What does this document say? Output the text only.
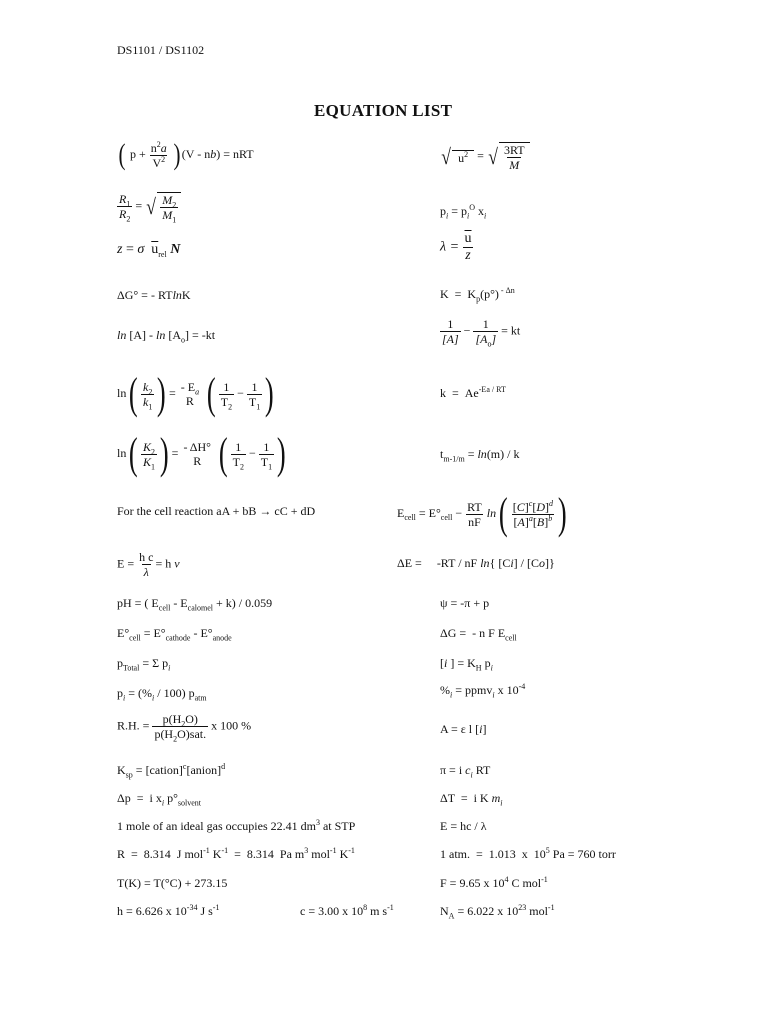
DS1101 / DS1102
EQUATION LIST
( $p + \frac{n^2a}{V^2}$ ) (V - nb) = nRT
$\frac{R_1}{R_2}$ = √ $\frac{M_2}{M_1}$
z = σ $\overline{u}_{rel}$ N
ΔG° = - RTlnK
$\ln [A] - \ln [A_o] = -kt$
$\ln( \frac{k_2}{k_1}$ ) = - $E_a$
R ( $\frac{1}{T_2} - \frac{1}{T_1}$ )
$\ln( \frac{K_2}{K_1}$ ) = - ΔH°
R ( $\frac{1}{T_2} - \frac{1}{T_1}$ )
For the cell reaction aA + bB → cC + dD
$E = \frac{\text{h c}}{\lambda} = h$ ν
pH = ( $E_{cell} - E_{calomel} + k) / 0.059$
$E^\circ_{cell} = E^\circ_{cathode} - E^\circ_{anode}$
$p_{Total} = \Sigma$ $p_i$
$p_i = (\%_i / 100)$ $p_{atm}$
R.H. = $\frac{p(H_2O)}{p(H_2O)sat.}$ x 100 %
$K_{sp}$ = [cation]$^c$[anion]$^d$
Δp  =  i $x_i$ $p^\circ_{solvent}$
1 mole of an ideal gas occupies 22.41 $dm^3$ at STP
R  =  8.314  J mol$^{-1}$ $K^{-1} = 8.314$  Pa $m^3$ mol$^{-1}$ $K^{-1}$
T(K) = T(°C) + 273.15
h = 6.626 x $10^{-34}$ J $s^{-1}$	c = 3.00 x $10^8$ m $s^{-1}$
√ $u^2$ = √ $\frac{3RT}{M}$
$p_i = p_i^O$ $x_i$
$\lambda = \frac{\overline{u}}{z}$
$K = K_p(p^\circ)$ $^{- \Delta n}$
$\frac{1}{[A]} - \frac{1}{[A_o]}$ = kt
$k = Ae^{-Ea / RT}$
$t_{m-1/m} = \ln(m) / k$
$E_{cell} = E^\circ_{cell} - \frac{RT}{nF} \ln( \frac{[C]^c[D]^d}{[A]^a[B]^b}$ )
ΔE =     -RT / nF ln{ [Ci] / [Co]}
ψ = -π + p
ΔG =  - n F $E_{cell}$
[i ] = $K_H$ $p_i$
$\%_i$ = ppmv$_i$ x $10^{-4}$
A = ε l [i]
π = i $c_i$ RT
ΔT  =  i K $m_i$
E = hc / λ
1 atm.  =  1.013  x  $10^5$ Pa = 760 torr
F = 9.65 x $10^4$ C mol$^{-1}$
$N_A = 6.022$ x $10^{23}$ mol$^{-1}$
